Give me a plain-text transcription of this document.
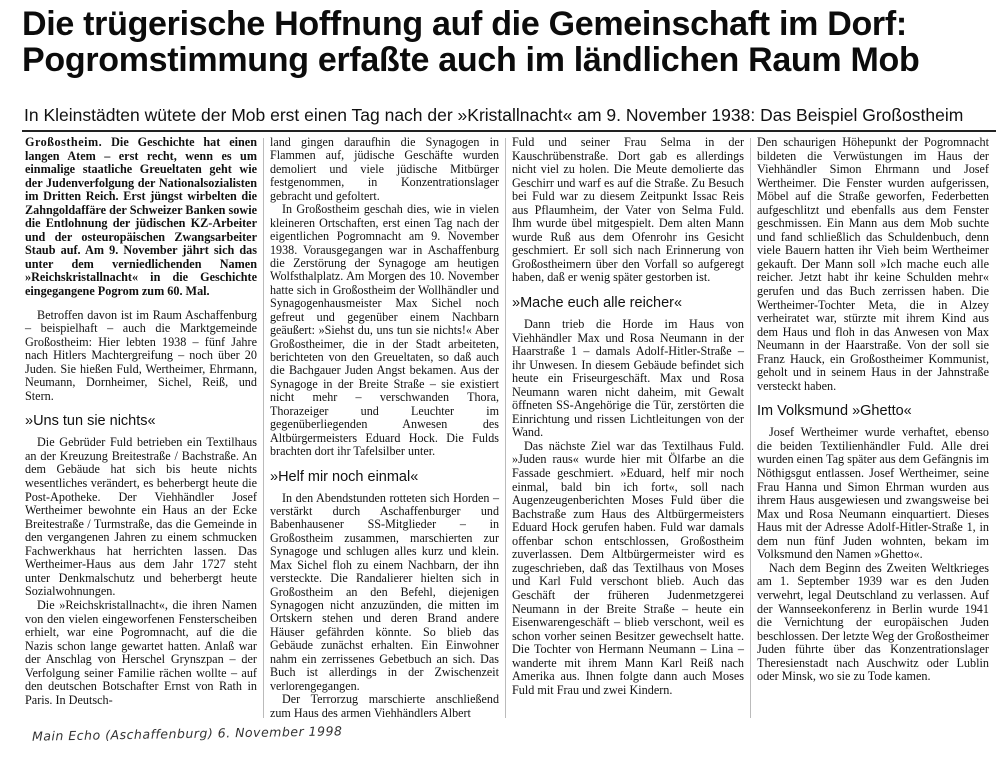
Die trügerische Hoffnung auf die Gemeinschaft im Dorf: Pogromstimmung erfaßte auch im ländlichen Raum Mob
In Kleinstädten wütete der Mob erst einen Tag nach der »Kristallnacht« am 9. November 1938: Das Beispiel Großostheim

Großostheim. Die Geschichte hat einen langen Atem – erst recht, wenn es um einmalige staatliche Greueltaten geht wie der Judenverfolgung der Nationalsozialisten im Dritten Reich. Erst jüngst wirbelten die Zahngoldaffäre der Schweizer Banken sowie die Entlohnung der jüdischen KZ-Arbeiter und der osteuropäischen Zwangsarbeiter Staub auf. Am 9. November jährt sich das unter dem verniedlichenden Namen »Reichskristallnacht« in die Geschichte eingegangene Pogrom zum 60. Mal.

Betroffen davon ist im Raum Aschaffenburg – beispielhaft – auch die Marktgemeinde Großostheim: Hier lebten 1938 – fünf Jahre nach Hitlers Machtergreifung – noch über 20 Juden. Sie hießen Fuld, Wertheimer, Ehrmann, Neumann, Dornheimer, Sichel, Reiß, und Stern.

»Uns tun sie nichts«

Die Gebrüder Fuld betrieben ein Textilhaus an der Kreuzung Breitestraße / Bachstraße. An dem Gebäude hat sich bis heute nichts wesentliches verändert, es beherbergt heute die Post-Apotheke. Der Viehhändler Josef Wertheimer bewohnte ein Haus an der Ecke Breitestraße / Turmstraße, das die Gemeinde in den vergangenen Jahren zu einem schmucken Fachwerkhaus hat herrichten lassen. Das Wertheimer-Haus aus dem Jahr 1727 steht unter Denkmalschutz und beherbergt heute Sozialwohnungen.

Die »Reichskristallnacht«, die ihren Namen von den vielen eingeworfenen Fensterscheiben erhielt, war eine Pogromnacht, auf die die Nazis schon lange gewartet hatten. Anlaß war der Anschlag von Herschel Grynszpan – der Verfolgung seiner Familie rächen wollte – auf den deutschen Botschafter Ernst von Rath in Paris. In Deutsch-

land gingen daraufhin die Synagogen in Flammen auf, jüdische Geschäfte wurden demoliert und viele jüdische Mitbürger festgenommen, in Konzentrationslager gebracht und gefoltert.

In Großostheim geschah dies, wie in vielen kleineren Ortschaften, erst einen Tag nach der eigentlichen Pogromnacht am 9. November 1938. Vorausgegangen war in Aschaffenburg die Zerstörung der Synagoge am heutigen Wolfsthalplatz. Am Morgen des 10. November hatte sich in Großostheim der Wollhändler und Synagogenhausmeister Max Sichel noch gefreut und gegenüber einem Nachbarn geäußert: »Siehst du, uns tun sie nichts!« Aber Großostheimer, die in der Stadt arbeiteten, berichteten von den Greueltaten, so daß auch die Bachgauer Juden Angst bekamen. Aus der Synagoge in der Breite Straße – sie existiert nicht mehr – verschwanden Thora, Thorazeiger und Leuchter im gegenüberliegenden Anwesen des Altbürgermeisters Eduard Hock. Die Fulds brachten dort ihr Tafelsilber unter.

»Helf mir noch einmal«

In den Abendstunden rotteten sich Horden – verstärkt durch Aschaffenburger und Babenhausener SS-Mitglieder – in Großostheim zusammen, marschierten zur Synagoge und schlugen alles kurz und klein. Max Sichel floh zu einem Nachbarn, der ihn versteckte. Die Randalierer hielten sich in Großostheim an den Befehl, diejenigen Synagogen nicht anzuzünden, die mitten im Ortskern stehen und deren Brand andere Häuser gefährden könnte. So blieb das Gebäude zunächst erhalten. Ein Einwohner nahm ein zerrissenes Gebetbuch an sich. Das Buch ist allerdings in der Zwischenzeit verlorengegangen.

Der Terrorzug marschierte anschließend zum Haus des armen Viehhändlers Albert

Fuld und seiner Frau Selma in der Kauschrübenstraße. Dort gab es allerdings nicht viel zu holen. Die Meute demolierte das Geschirr und warf es auf die Straße. Zu Besuch bei Fuld war zu diesem Zeitpunkt Issac Reis aus Pflaumheim, der Vater von Selma Fuld. Ihm wurde übel mitgespielt. Dem alten Mann wurde Ruß aus dem Ofenrohr ins Gesicht geschmiert. Er soll sich nach Erinnerung von Großostheimern über den Vorfall so aufgeregt haben, daß er wenig später gestorben ist.

»Mache euch alle reicher«

Dann trieb die Horde im Haus von Viehhändler Max und Rosa Neumann in der Haarstraße 1 – damals Adolf-Hitler-Straße – ihr Unwesen. In diesem Gebäude befindet sich heute ein Friseurgeschäft. Max und Rosa Neumann waren nicht daheim, mit Gewalt öffneten SS-Angehörige die Tür, zerstörten die Einrichtung und rissen Lichtleitungen von der Wand.

Das nächste Ziel war das Textilhaus Fuld. »Juden raus« wurde hier mit Ölfarbe an die Fassade geschmiert. »Eduard, helf mir noch einmal, bald bin ich fort«, soll nach Augenzeugenberichten Moses Fuld über die Bachstraße zum Haus des Altbürgermeisters Eduard Hock gerufen haben. Fuld war damals offenbar schon entschlossen, Großostheim zuverlassen. Dem Altbürgermeister wird es zugeschrieben, daß das Textilhaus von Moses und Karl Fuld verschont blieb. Auch das Geschäft der früheren Judenmetzgerei Neumann in der Breite Straße – heute ein Eisenwarengeschäft – blieb verschont, weil es schon vorher seinen Besitzer gewechselt hatte. Die Tochter von Hermann Neumann – Lina – wanderte mit ihrem Mann Karl Reiß nach Amerika aus. Ihnen folgte dann auch Moses Fuld mit Frau und zwei Kindern.

Den schaurigen Höhepunkt der Pogromnacht bildeten die Verwüstungen im Haus der Viehhändler Simon Ehrmann und Josef Wertheimer. Die Fenster wurden aufgerissen, Möbel auf die Straße geworfen, Federbetten aufgeschlitzt und ebenfalls aus dem Fenster geschmissen. Ein Mann aus dem Mob suchte und fand schließlich das Schuldenbuch, denn viele Bauern hatten ihr Vieh beim Wertheimer gekauft. Der Mann soll »Ich mache euch alle reicher. Jetzt habt ihr keine Schulden mehr« gerufen und das Buch zerrissen haben. Die Wertheimer-Tochter Meta, die in Alzey verheiratet war, stürzte mit ihrem Kind aus dem Haus und floh in das Anwesen von Max Neumann in der Haarstraße. Von der soll sie Franz Hauck, ein Großostheimer Kommunist, geholt und in seinem Haus in der Jahnstraße versteckt haben.

Im Volksmund »Ghetto«

Josef Wertheimer wurde verhaftet, ebenso die beiden Textilienhändler Fuld. Alle drei wurden einen Tag später aus dem Gefängnis im Nöthigsgut entlassen. Josef Wertheimer, seine Frau Hanna und Simon Ehrman wurden aus ihrem Haus ausgewiesen und zwangsweise bei Max und Rosa Neumann einquartiert. Dieses Haus mit der Adresse Adolf-Hitler-Straße 1, in dem nun fünf Juden wohnten, bekam im Volksmund den Namen »Ghetto«.

Nach dem Beginn des Zweiten Weltkrieges am 1. September 1939 war es den Juden verwehrt, legal Deutschland zu verlassen. Auf der Wannseekonferenz in Berlin wurde 1941 die Vernichtung der europäischen Juden beschlossen. Der letzte Weg der Großostheimer Juden führte über das Konzentrationslager Theresienstadt nach Auschwitz oder Lublin oder Minsk, wo sie zu Tode kamen.

Main Echo (Aschaffenburg) 6. November 1998
